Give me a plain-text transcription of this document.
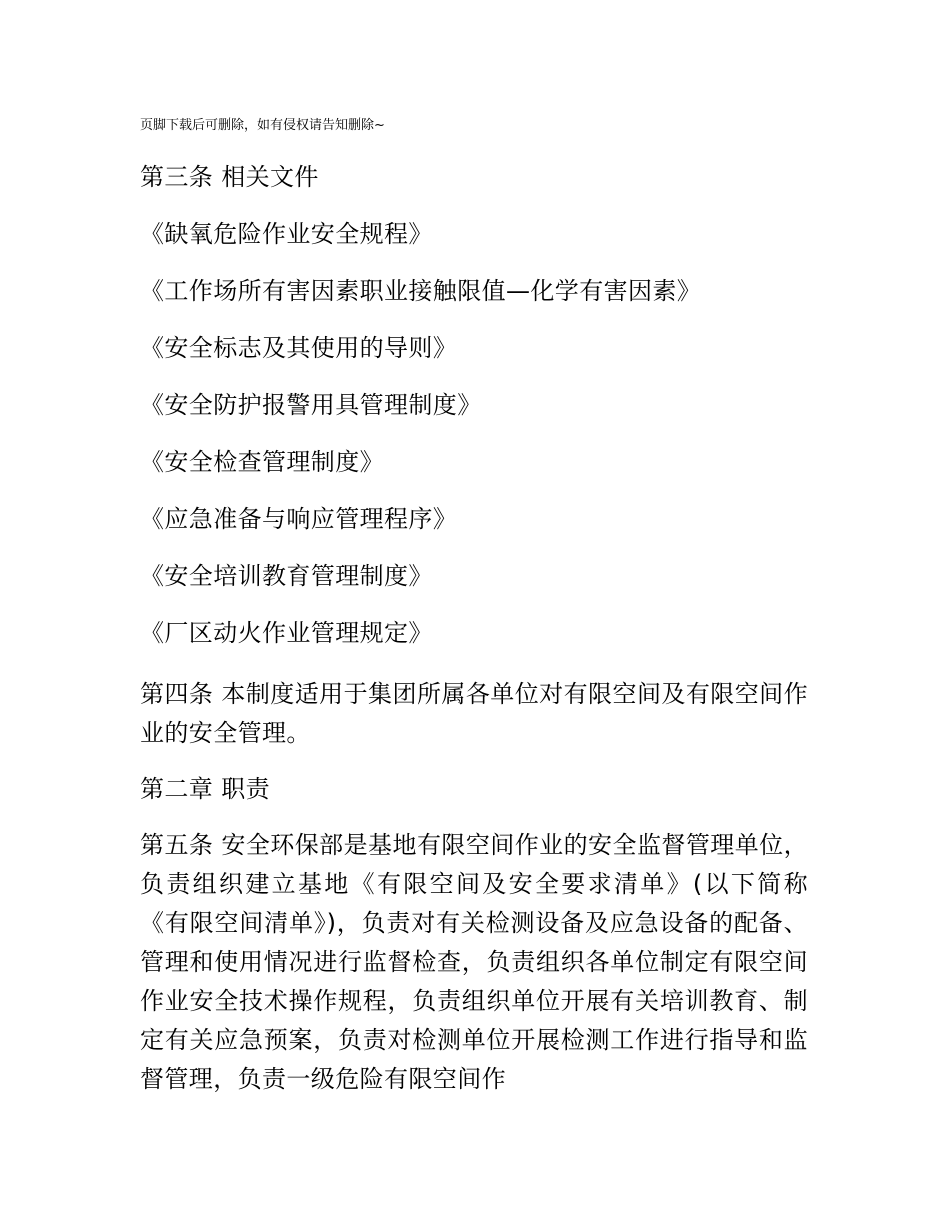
页脚下载后可删除，如有侵权请告知删除~
第三条 相关文件
《缺氧危险作业安全规程》
《工作场所有害因素职业接触限值—化学有害因素》
《安全标志及其使用的导则》
《安全防护报警用具管理制度》
《安全检查管理制度》
《应急准备与响应管理程序》
《安全培训教育管理制度》
《厂区动火作业管理规定》
第四条 本制度适用于集团所属各单位对有限空间及有限空间作业的安全管理。
第二章 职责
第五条 安全环保部是基地有限空间作业的安全监督管理单位，负责组织建立基地《有限空间及安全要求清单》(以下简称《有限空间清单》)，负责对有关检测设备及应急设备的配备、管理和使用情况进行监督检查，负责组织各单位制定有限空间作业安全技术操作规程，负责组织单位开展有关培训教育、制定有关应急预案，负责对检测单位开展检测工作进行指导和监督管理，负责一级危险有限空间作
